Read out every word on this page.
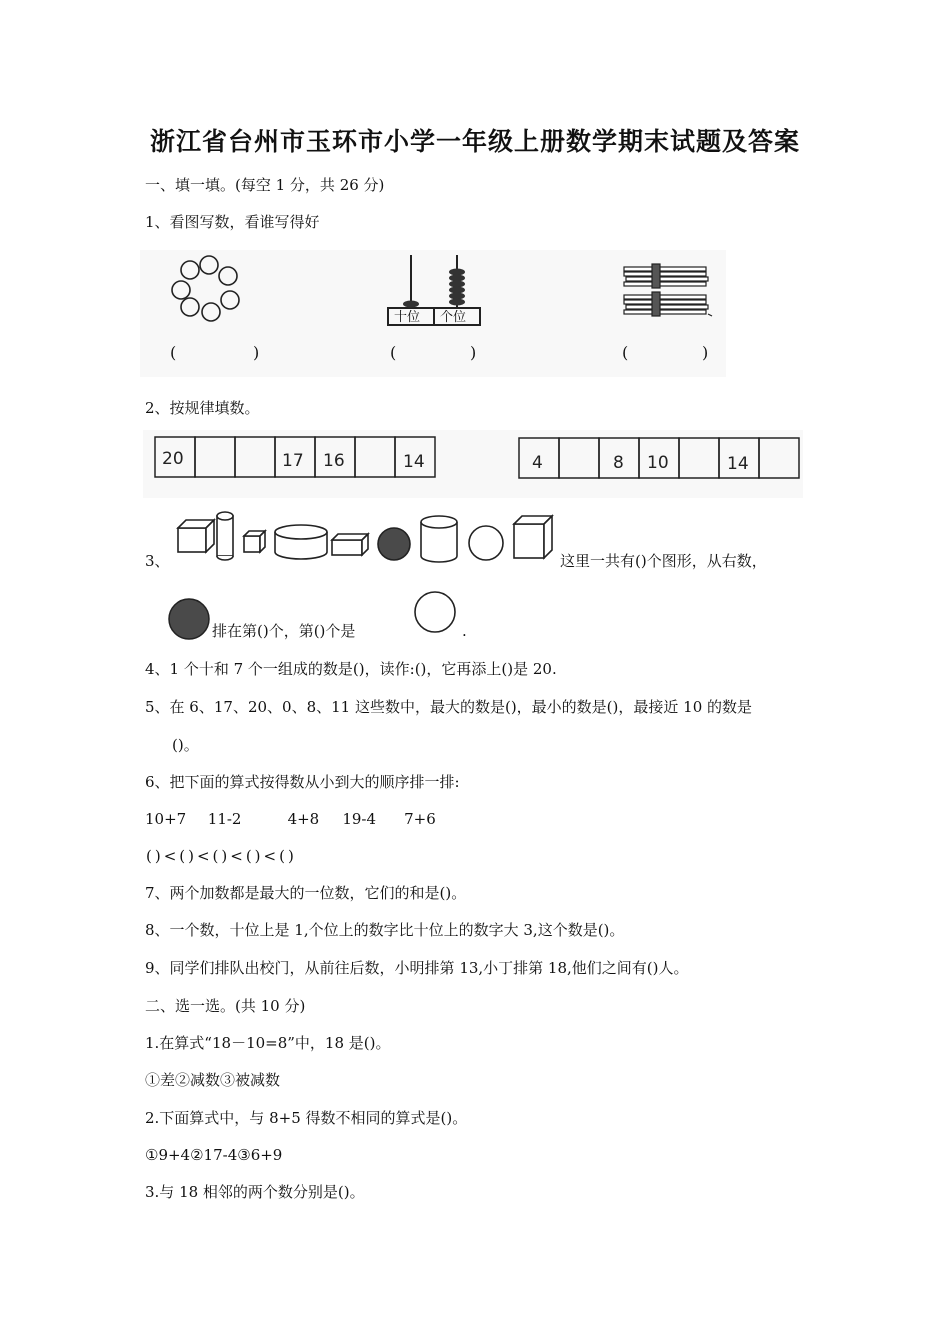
浙江省台州市玉环市小学一年级上册数学期末试题及答案

一、填一填。(每空 1 分，共 26 分)

1、看图写数，看谁写得好

十位 个位
(	)	(	)	(	)

2、按规律填数。

20	17 16	14	4	8 10	14

3、	这里一共有()个图形，从右数，

排在第()个，第()个是	.

4、1 个十和 7 个一组成的数是()，读作:()，它再添上()是 20.

5、在 6、17、20、0、8、11 这些数中，最大的数是()，最小的数是()，最接近 10 的数是

()。

6、把下面的算式按得数从小到大的顺序排一排:

10+7 11-2	4+8 19-4 7+6

()<()<()<()<()

7、两个加数都是最大的一位数，它们的和是()。

8、一个数，十位上是 1,个位上的数字比十位上的数字大 3,这个数是()。

9、同学们排队出校门，从前往后数，小明排第 13,小丁排第 18,他们之间有()人。

二、选一选。(共 10 分)

1.在算式“18－10=8”中，18 是()。

①差②减数③被减数

2.下面算式中，与 8+5 得数不相同的算式是()。

①9+4②17-4③6+9

3.与 18 相邻的两个数分别是()。
